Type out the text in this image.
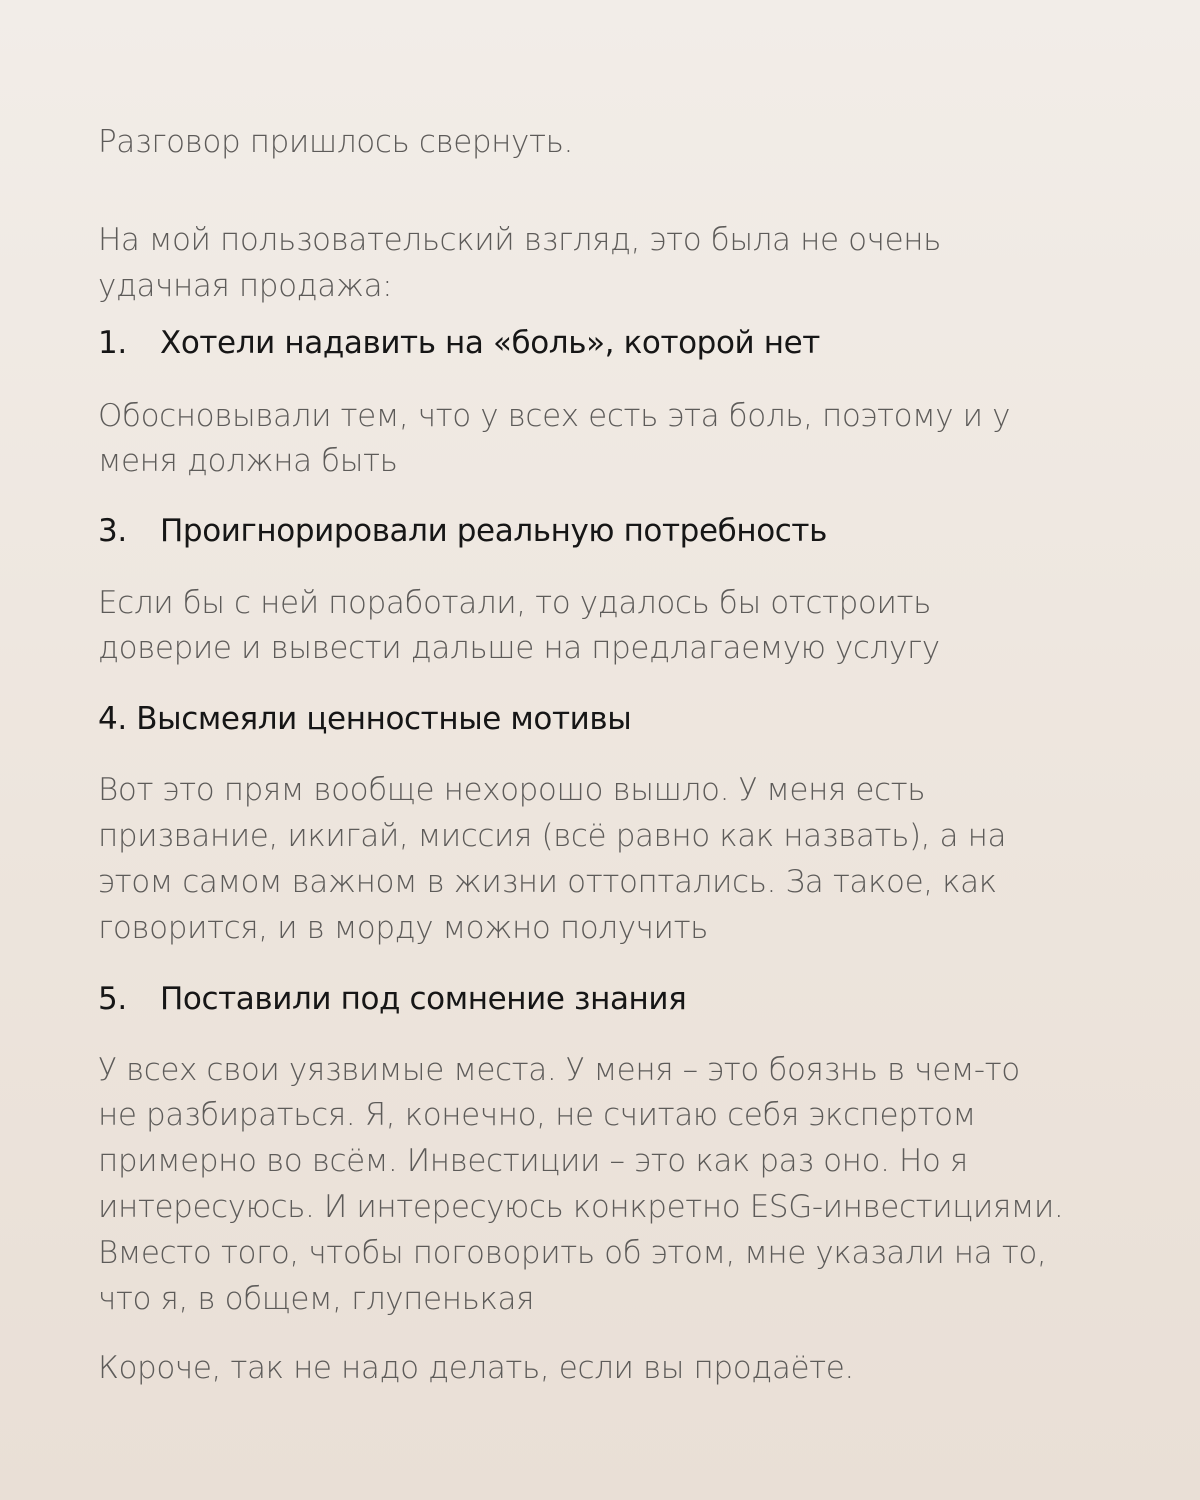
Разговор пришлось свернуть.
На мой пользовательский взгляд, это была не очень
удачная продажа:
1. Хотели надавить на «боль», которой нет
Обосновывали тем, что у всех есть эта боль, поэтому и у
меня должна быть
3. Проигнорировали реальную потребность
Если бы с ней поработали, то удалось бы отстроить
доверие и вывести дальше на предлагаемую услугу
4. Высмеяли ценностные мотивы
Вот это прям вообще нехорошо вышло. У меня есть
призвание, икигай, миссия (всё равно как назвать), а на
этом самом важном в жизни оттоптались. За такое, как
говорится, и в морду можно получить
5. Поставили под сомнение знания
У всех свои уязвимые места. У меня – это боязнь в чем-то
не разбираться. Я, конечно, не считаю себя экспертом
примерно во всём. Инвестиции – это как раз оно. Но я
интересуюсь. И интересуюсь конкретно ESG-инвестициями.
Вместо того, чтобы поговорить об этом, мне указали на то,
что я, в общем, глупенькая
Короче, так не надо делать, если вы продаёте.
